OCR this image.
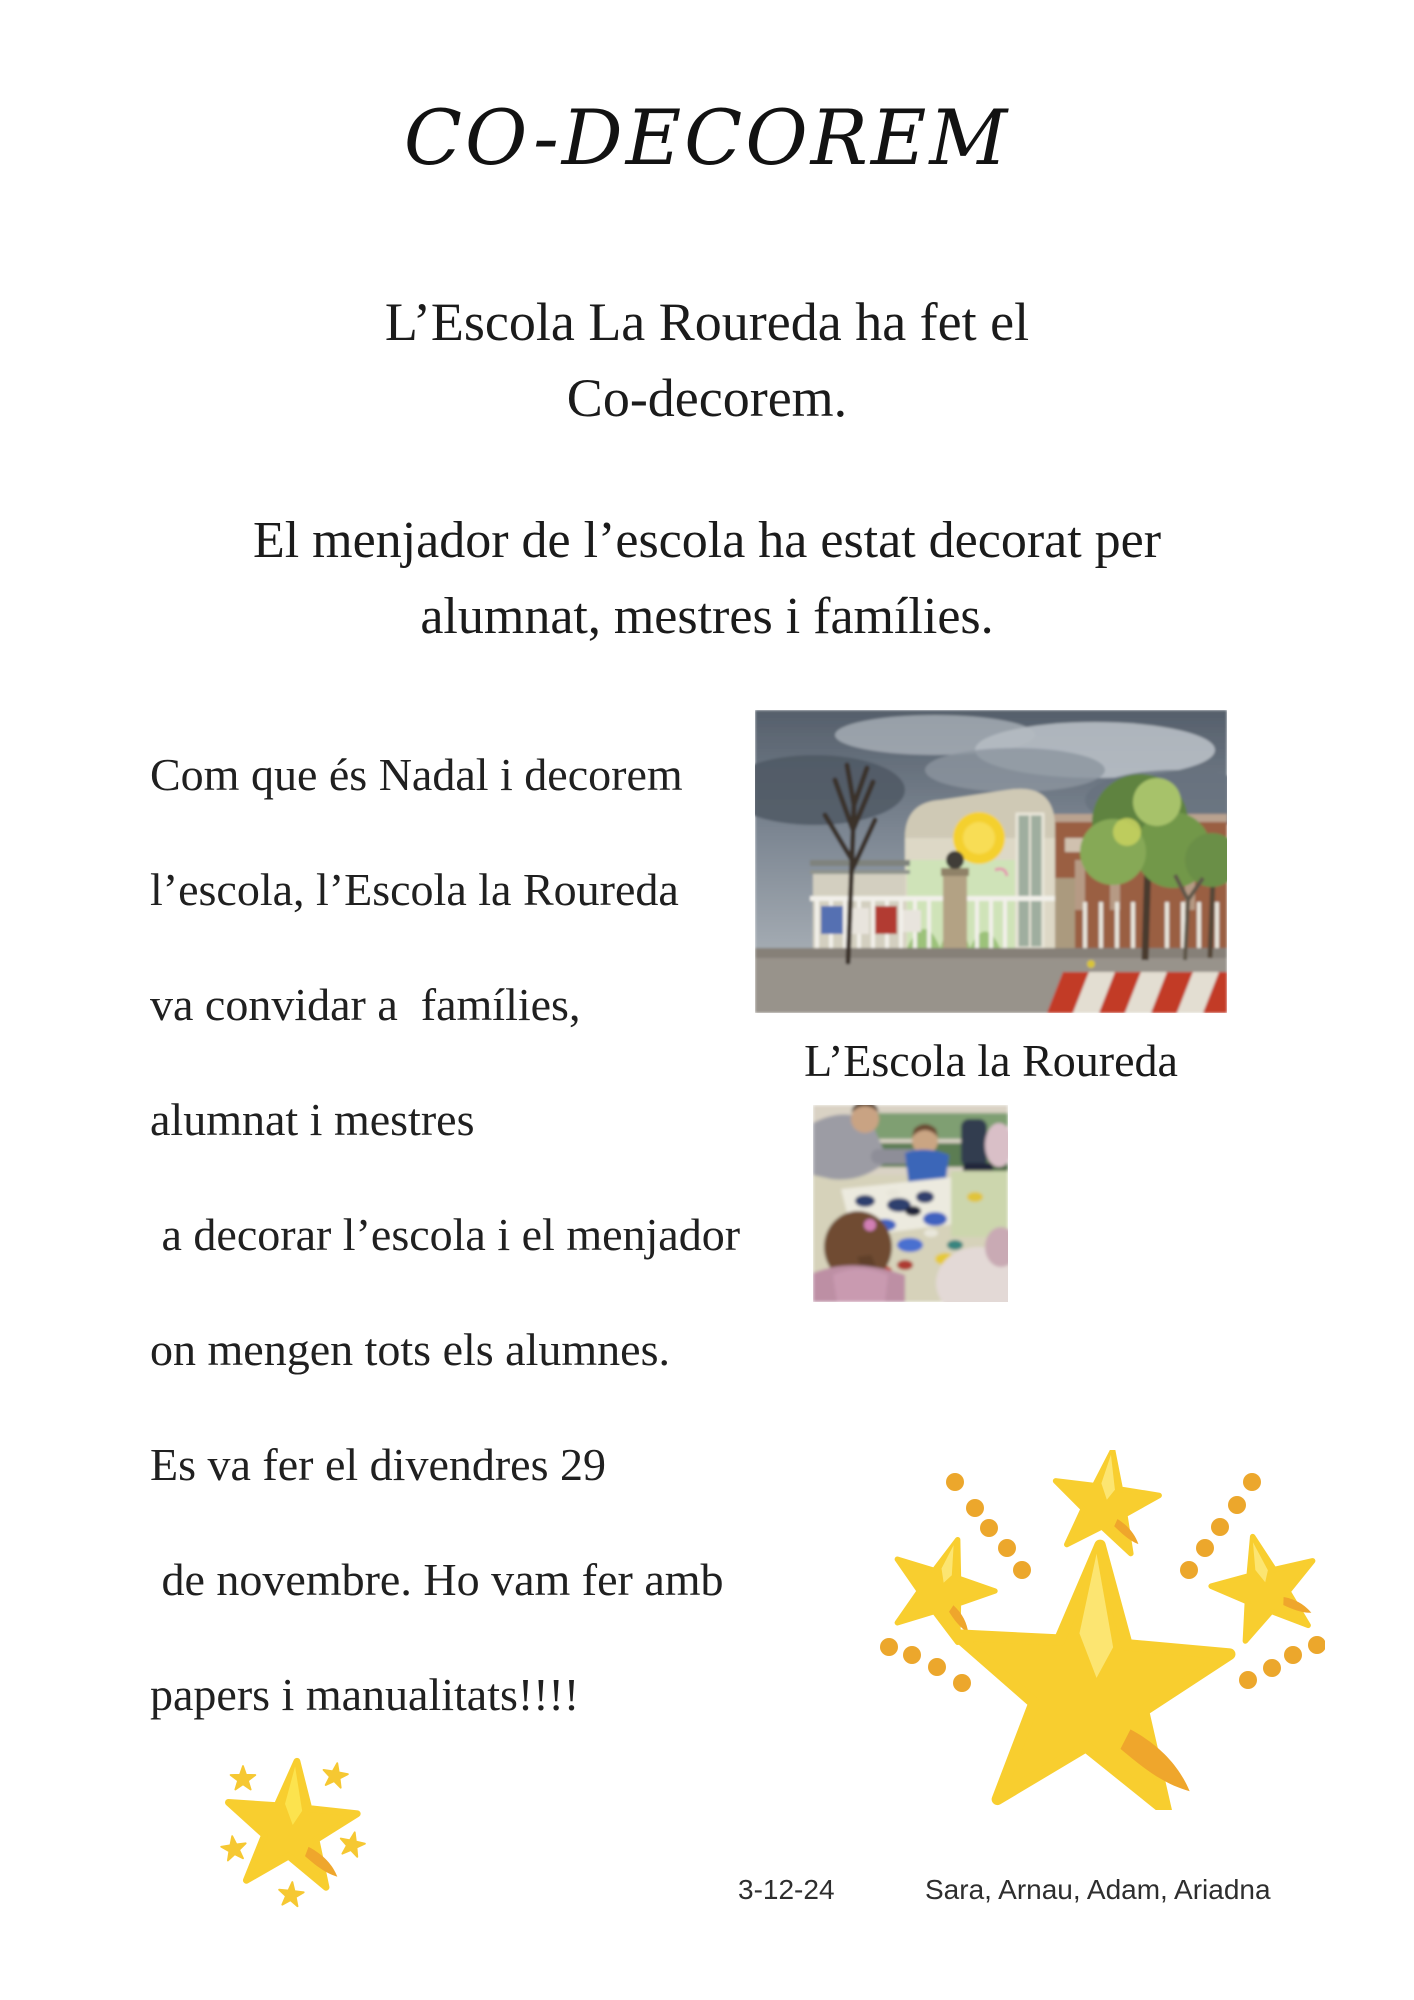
CO-DECOREM
L’Escola La Roureda ha fet el
Co-decorem.
El menjador de l’escola ha estat decorat per
alumnat, mestres i famílies.
Com que és Nadal i decorem
l’escola, l’Escola la Roureda
va convidar a  famílies,
alumnat i mestres
a decorar l’escola i el menjador
on mengen tots els alumnes.
Es va fer el divendres 29
de novembre. Ho vam fer amb
papers i manualitats!!!!
L’Escola la Roureda
3-12-24	Sara, Arnau, Adam, Ariadna
